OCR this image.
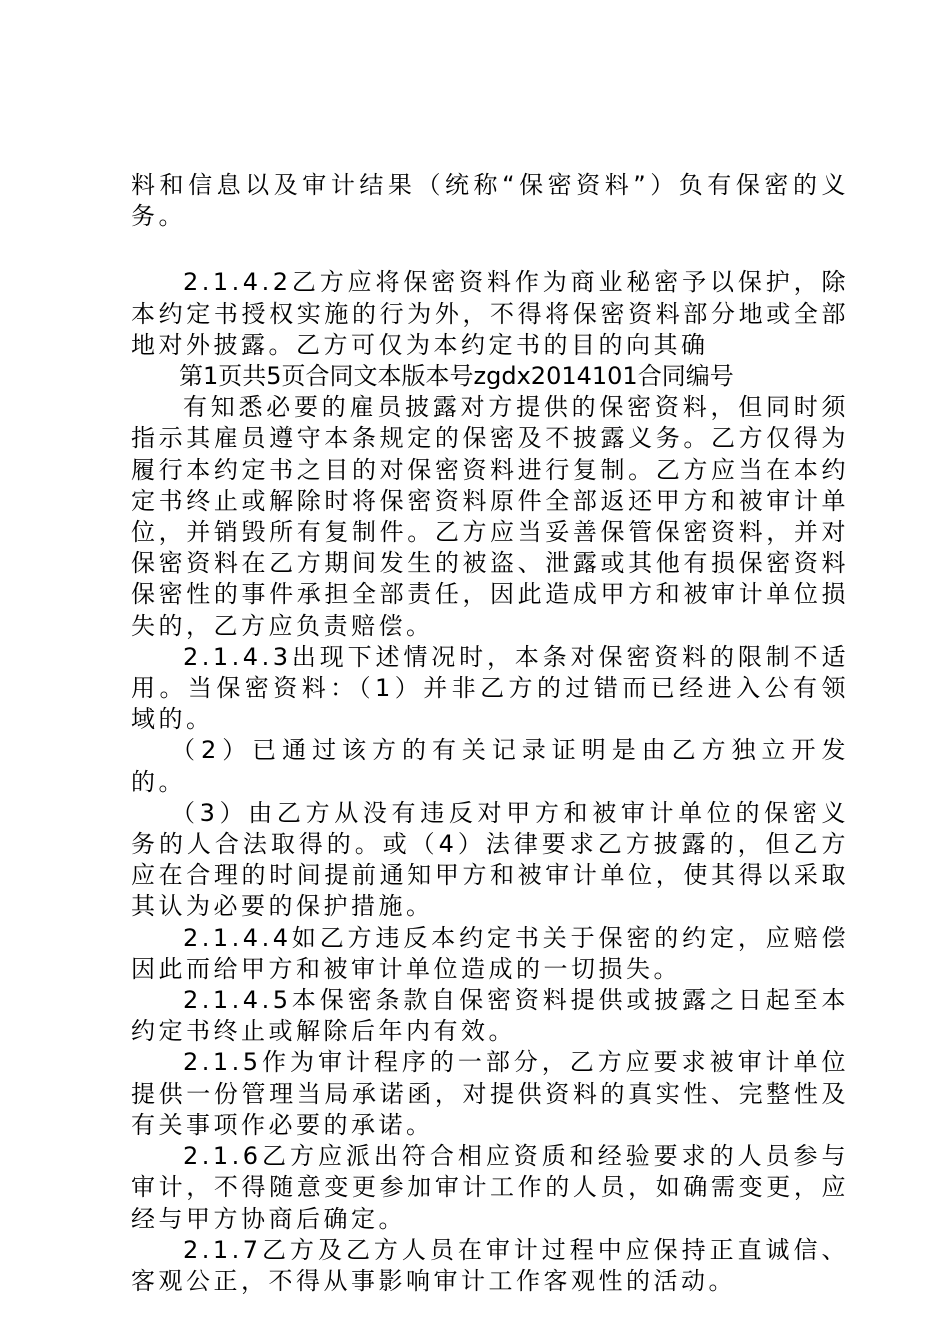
料和信息以及审计结果（统称“保密资料”）负有保密的义务。

2.1.4.2乙方应将保密资料作为商业秘密予以保护，除本约定书授权实施的行为外，不得将保密资料部分地或全部地对外披露。乙方可仅为本约定书的目的向其确

第1页共5页合同文本版本号zgdx2014101合同编号

有知悉必要的雇员披露对方提供的保密资料，但同时须指示其雇员遵守本条规定的保密及不披露义务。乙方仅得为履行本约定书之目的对保密资料进行复制。乙方应当在本约定书终止或解除时将保密资料原件全部返还甲方和被审计单位，并销毁所有复制件。乙方应当妥善保管保密资料，并对保密资料在乙方期间发生的被盗、泄露或其他有损保密资料保密性的事件承担全部责任，因此造成甲方和被审计单位损失的，乙方应负责赔偿。

2.1.4.3出现下述情况时，本条对保密资料的限制不适用。当保密资料：（1）并非乙方的过错而已经进入公有领域的。

（2）已通过该方的有关记录证明是由乙方独立开发的。

（3）由乙方从没有违反对甲方和被审计单位的保密义务的人合法取得的。或（4）法律要求乙方披露的，但乙方应在合理的时间提前通知甲方和被审计单位，使其得以采取其认为必要的保护措施。

2.1.4.4如乙方违反本约定书关于保密的约定，应赔偿因此而给甲方和被审计单位造成的一切损失。

2.1.4.5本保密条款自保密资料提供或披露之日起至本约定书终止或解除后年内有效。

2.1.5作为审计程序的一部分，乙方应要求被审计单位提供一份管理当局承诺函，对提供资料的真实性、完整性及有关事项作必要的承诺。

2.1.6乙方应派出符合相应资质和经验要求的人员参与审计，不得随意变更参加审计工作的人员，如确需变更，应经与甲方协商后确定。

2.1.7乙方及乙方人员在审计过程中应保持正直诚信、客观公正，不得从事影响审计工作客观性的活动。
